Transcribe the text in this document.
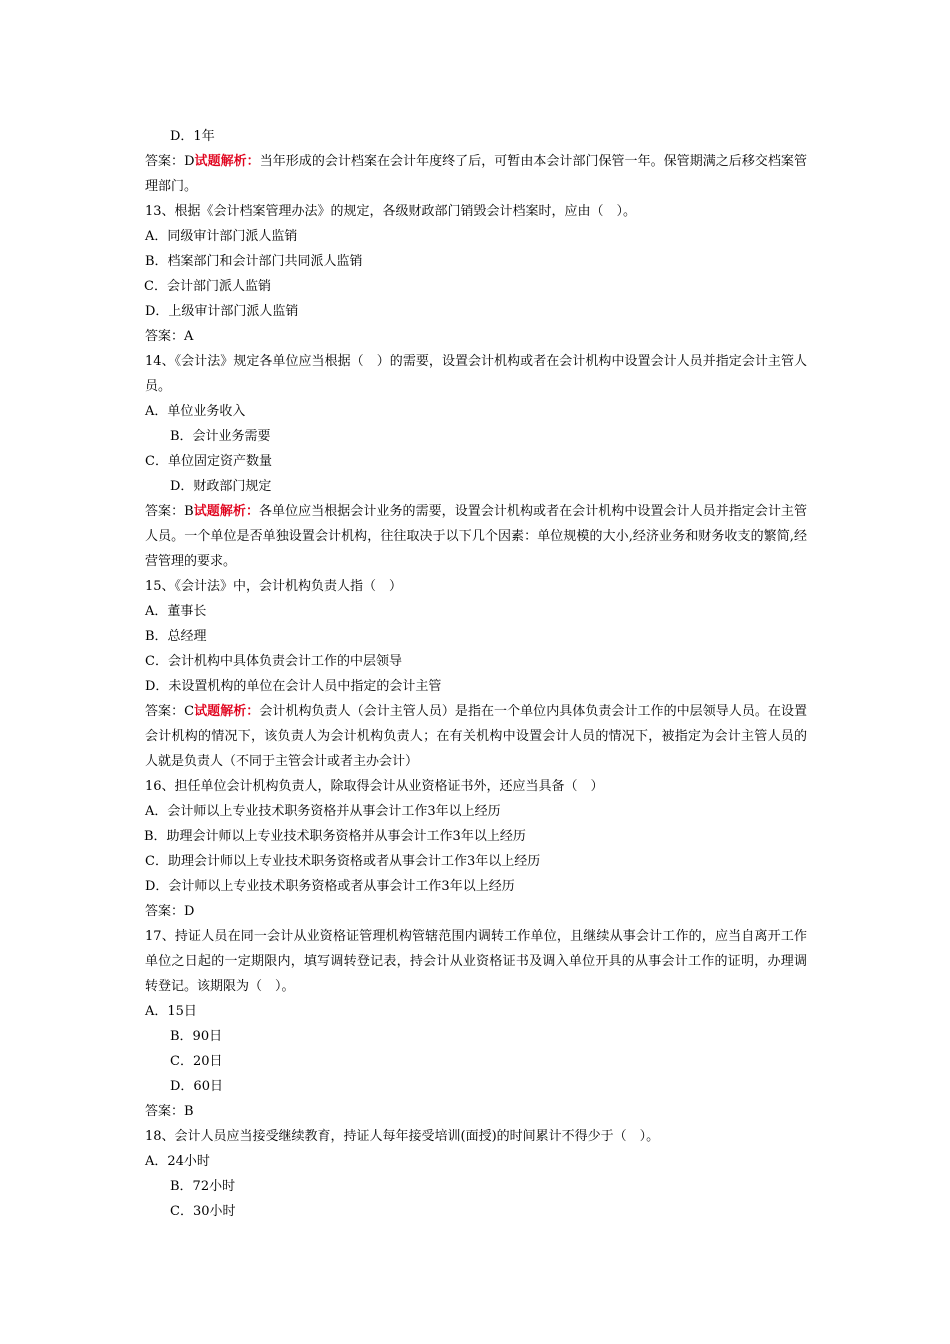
D．1年
答案：D试题解析：当年形成的会计档案在会计年度终了后，可暂由本会计部门保管一年。保管期满之后移交档案管理部门。
13、根据《会计档案管理办法》的规定，各级财政部门销毁会计档案时，应由（　）。
A．同级审计部门派人监销
B．档案部门和会计部门共同派人监销
C．会计部门派人监销
D．上级审计部门派人监销
答案：A
14、《会计法》规定各单位应当根据（　）的需要，设置会计机构或者在会计机构中设置会计人员并指定会计主管人员。
A．单位业务收入
B．会计业务需要
C．单位固定资产数量
D．财政部门规定
答案：B试题解析：各单位应当根据会计业务的需要，设置会计机构或者在会计机构中设置会计人员并指定会计主管人员。一个单位是否单独设置会计机构，往往取决于以下几个因素：单位规模的大小,经济业务和财务收支的繁简,经营管理的要求。
15、《会计法》中，会计机构负责人指（　）
A．董事长
B．总经理
C．会计机构中具体负责会计工作的中层领导
D．未设置机构的单位在会计人员中指定的会计主管
答案：C试题解析：会计机构负责人（会计主管人员）是指在一个单位内具体负责会计工作的中层领导人员。在设置会计机构的情况下，该负责人为会计机构负责人；在有关机构中设置会计人员的情况下，被指定为会计主管人员的人就是负责人（不同于主管会计或者主办会计）
16、担任单位会计机构负责人，除取得会计从业资格证书外，还应当具备（　）
A．会计师以上专业技术职务资格并从事会计工作3年以上经历
B．助理会计师以上专业技术职务资格并从事会计工作3年以上经历
C．助理会计师以上专业技术职务资格或者从事会计工作3年以上经历
D．会计师以上专业技术职务资格或者从事会计工作3年以上经历
答案：D
17、持证人员在同一会计从业资格证管理机构管辖范围内调转工作单位，且继续从事会计工作的，应当自离开工作单位之日起的一定期限内，填写调转登记表，持会计从业资格证书及调入单位开具的从事会计工作的证明，办理调转登记。该期限为（　）。
A．15日
B．90日
C．20日
D．60日
答案：B
18、会计人员应当接受继续教育，持证人每年接受培训(面授)的时间累计不得少于（　）。
A．24小时
B．72小时
C．30小时
